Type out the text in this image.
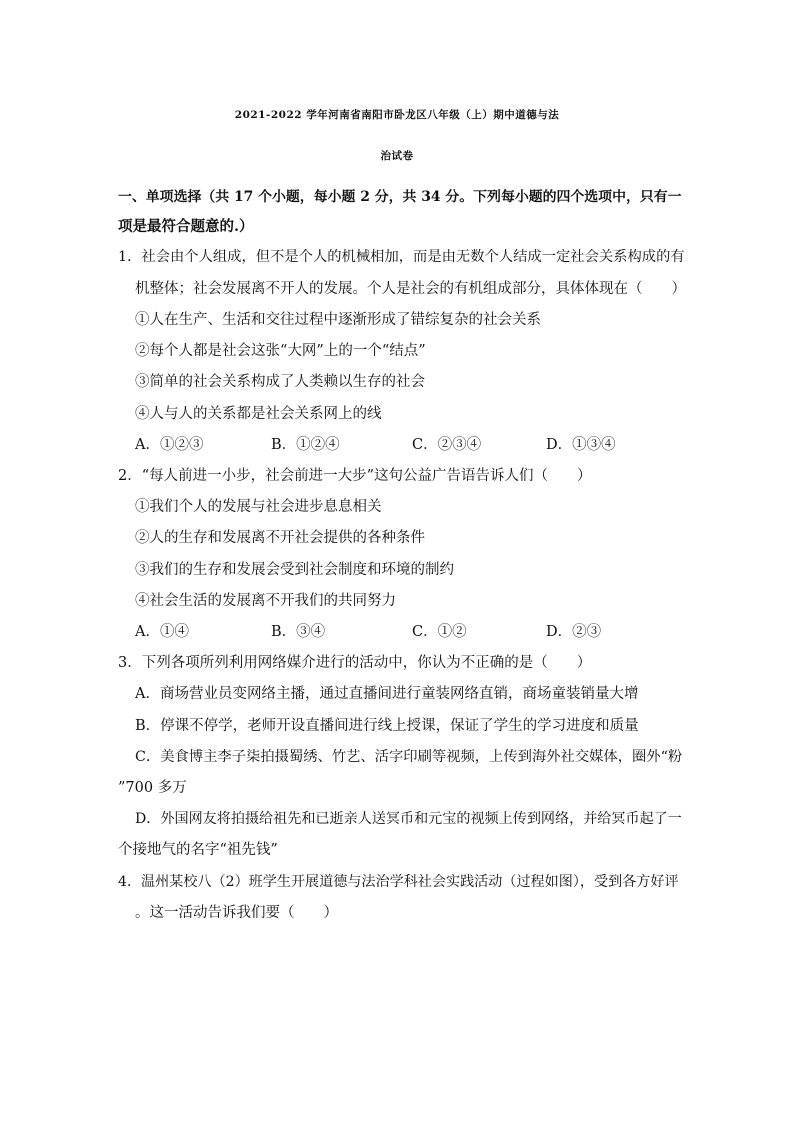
2021-2022 学年河南省南阳市卧龙区八年级（上）期中道德与法
治试卷
一、单项选择（共 17 个小题，每小题 2 分，共 34 分。下列每小题的四个选项中，只有一
项是最符合题意的.）
1．社会由个人组成，但不是个人的机械相加，而是由无数个人结成一定社会关系构成的有
机整体；社会发展离不开人的发展。个人是社会的有机组成部分，具体体现在（　　）
①人在生产、生活和交往过程中逐渐形成了错综复杂的社会关系
②每个人都是社会这张“大网”上的一个“结点”
③简单的社会关系构成了人类赖以生存的社会
④人与人的关系都是社会关系网上的线
A．①②③	B．①②④	C．②③④	D．①③④
2．“每人前进一小步，社会前进一大步”这句公益广告语告诉人们（　　）
①我们个人的发展与社会进步息息相关
②人的生存和发展离不开社会提供的各种条件
③我们的生存和发展会受到社会制度和环境的制约
④社会生活的发展离不开我们的共同努力
A．①④	B．③④	C．①②	D．②③
3．下列各项所列利用网络媒介进行的活动中，你认为不正确的是（　　）
A．商场营业员变网络主播，通过直播间进行童装网络直销，商场童装销量大增
B．停课不停学，老师开设直播间进行线上授课，保证了学生的学习进度和质量
C．美食博主李子柒拍摄蜀绣、竹艺、活字印刷等视频，上传到海外社交媒体，圈外“粉
”700 多万
D．外国网友将拍摄给祖先和已逝亲人送冥币和元宝的视频上传到网络，并给冥币起了一
个接地气的名字“祖先钱”
4．温州某校八（2）班学生开展道德与法治学科社会实践活动（过程如图），受到各方好评
。这一活动告诉我们要（　　）
